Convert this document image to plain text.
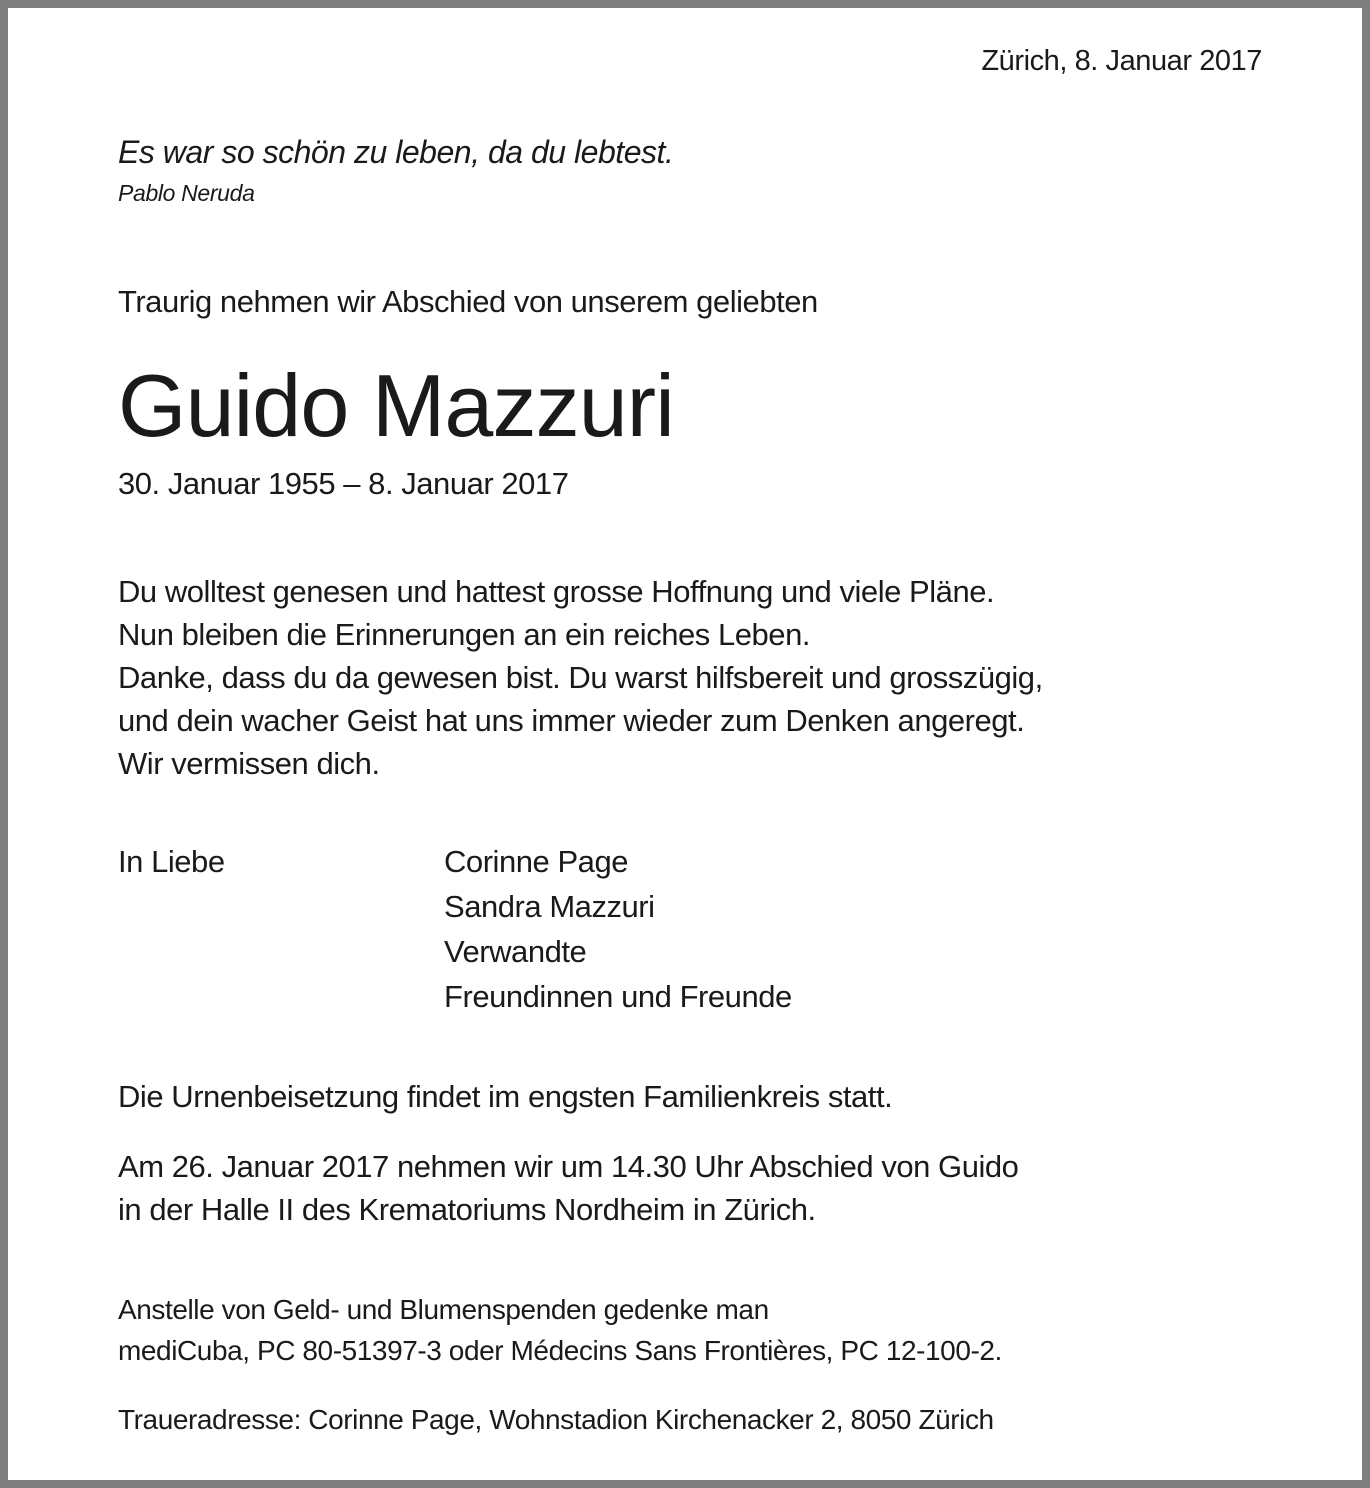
Zürich, 8. Januar 2017
Es war so schön zu leben, da du lebtest.
Pablo Neruda
Traurig nehmen wir Abschied von unserem geliebten
Guido Mazzuri
30. Januar 1955 – 8. Januar 2017
Du wolltest genesen und hattest grosse Hoffnung und viele Pläne.
Nun bleiben die Erinnerungen an ein reiches Leben.
Danke, dass du da gewesen bist. Du warst hilfsbereit und grosszügig,
und dein wacher Geist hat uns immer wieder zum Denken angeregt.
Wir vermissen dich.
In Liebe	Corinne Page
Sandra Mazzuri
Verwandte
Freundinnen und Freunde
Die Urnenbeisetzung findet im engsten Familienkreis statt.
Am 26. Januar 2017 nehmen wir um 14.30 Uhr Abschied von Guido
in der Halle II des Krematoriums Nordheim in Zürich.
Anstelle von Geld- und Blumenspenden gedenke man
mediCuba, PC 80-51397-3 oder Médecins Sans Frontières, PC 12-100-2.
Traueradresse: Corinne Page, Wohnstadion Kirchenacker 2, 8050 Zürich
